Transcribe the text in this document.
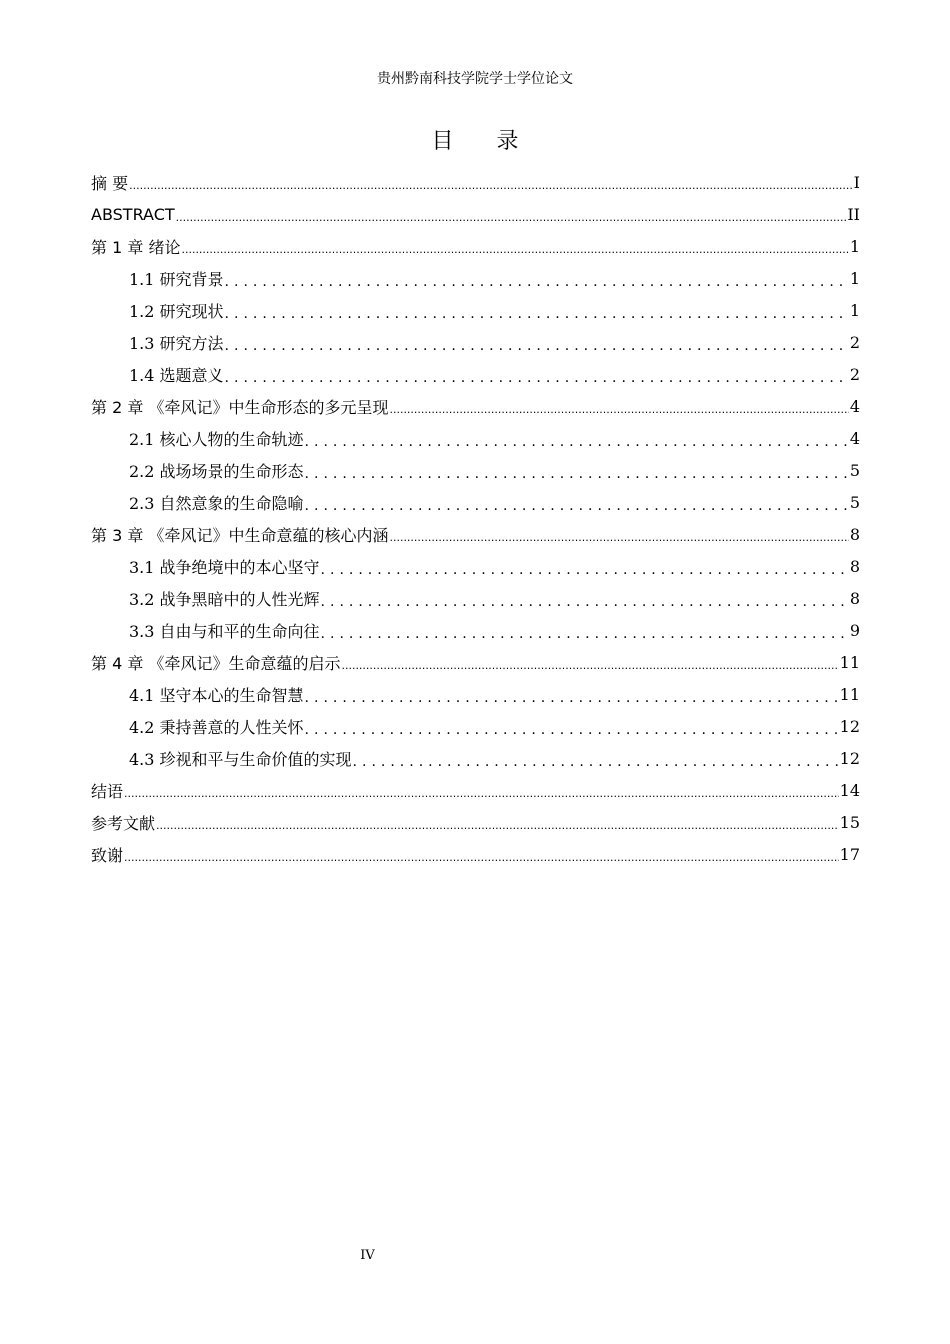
贵州黔南科技学院学士学位论文
目 录
摘 要 .....	I
ABSTRACT .....	II
第 1 章 绪论 .....	1
1.1 研究背景 .....	1
1.2 研究现状 .....	1
1.3 研究方法 .....	2
1.4 选题意义 .....	2
第 2 章 《牵风记》中生命形态的多元呈现 .....	4
2.1 核心人物的生命轨迹 .....	4
2.2 战场场景的生命形态 .....	5
2.3 自然意象的生命隐喻 .....	5
第 3 章 《牵风记》中生命意蕴的核心内涵 .....	8
3.1 战争绝境中的本心坚守 .....	8
3.2 战争黑暗中的人性光辉 .....	8
3.3 自由与和平的生命向往 .....	9
第 4 章 《牵风记》生命意蕴的启示 .....	11
4.1 坚守本心的生命智慧 .....	11
4.2 秉持善意的人性关怀 .....	12
4.3 珍视和平与生命价值的实现 .....	12
结语 .....	14
参考文献 .....	15
致谢 .....	17
IV
